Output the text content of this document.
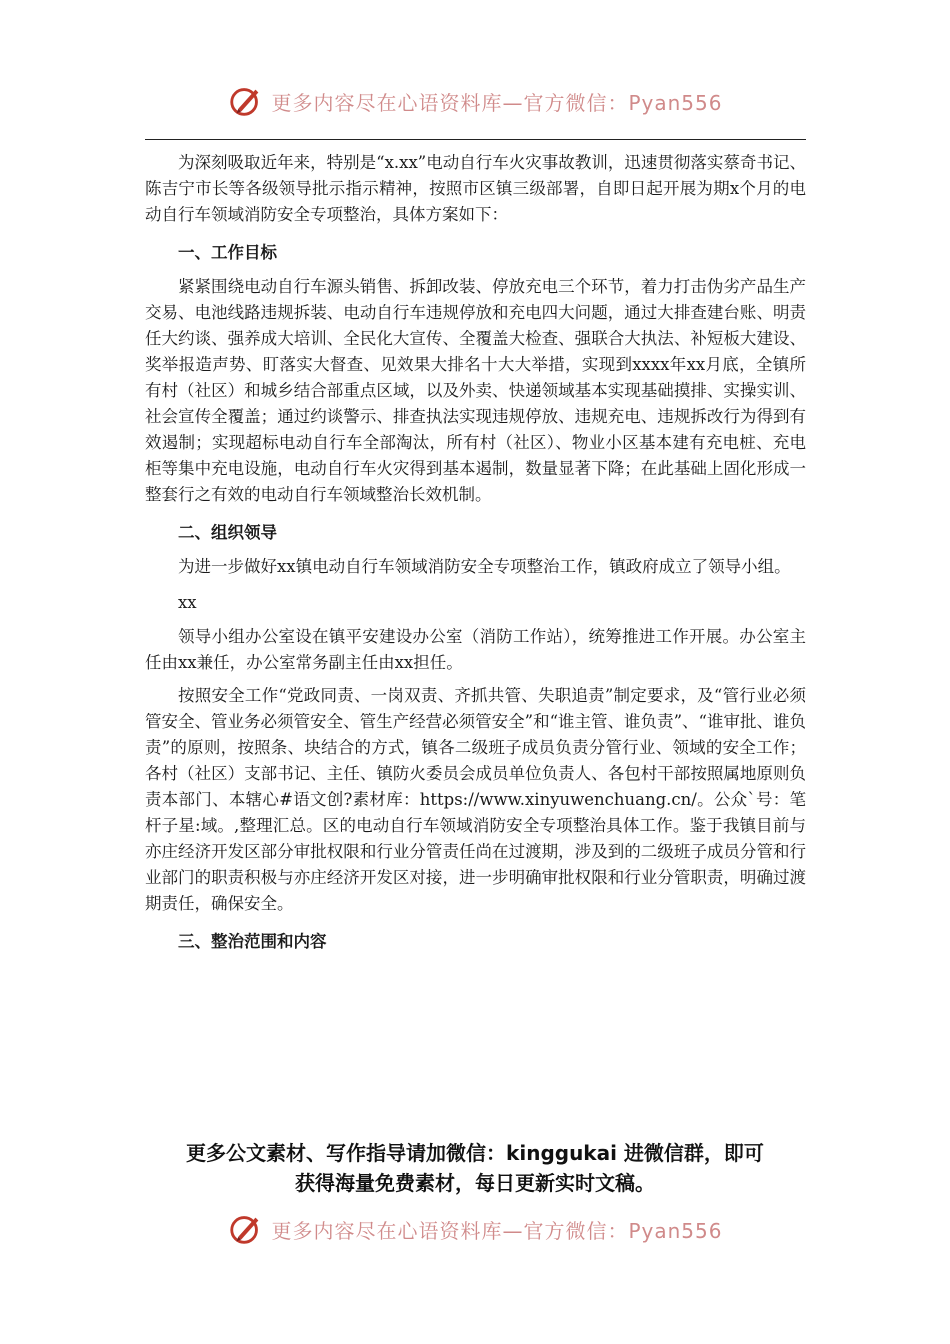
更多内容尽在心语资料库—官方微信：Pyan556

为深刻吸取近年来，特别是“x.xx”电动自行车火灾事故教训，迅速贯彻落实蔡奇书记、陈吉宁市长等各级领导批示指示精神，按照市区镇三级部署，自即日起开展为期x个月的电动自行车领域消防安全专项整治，具体方案如下：

一、工作目标

紧紧围绕电动自行车源头销售、拆卸改装、停放充电三个环节，着力打击伪劣产品生产交易、电池线路违规拆装、电动自行车违规停放和充电四大问题，通过大排查建台账、明责任大约谈、强养成大培训、全民化大宣传、全覆盖大检查、强联合大执法、补短板大建设、奖举报造声势、盯落实大督查、见效果大排名十大大举措，实现到xxxx年xx月底，全镇所有村（社区）和城乡结合部重点区域，以及外卖、快递领域基本实现基础摸排、实操实训、社会宣传全覆盖；通过约谈警示、排查执法实现违规停放、违规充电、违规拆改行为得到有效遏制；实现超标电动自行车全部淘汰，所有村（社区）、物业小区基本建有充电桩、充电柜等集中充电设施，电动自行车火灾得到基本遏制，数量显著下降；在此基础上固化形成一整套行之有效的电动自行车领域整治长效机制。

二、组织领导

为进一步做好xx镇电动自行车领域消防安全专项整治工作，镇政府成立了领导小组。

xx

领导小组办公室设在镇平安建设办公室（消防工作站），统筹推进工作开展。办公室主任由xx兼任，办公室常务副主任由xx担任。

按照安全工作“党政同责、一岗双责、齐抓共管、失职追责”制定要求，及“管行业必须管安全、管业务必须管安全、管生产经营必须管安全”和“谁主管、谁负责”、“谁审批、谁负责”的原则，按照条、块结合的方式，镇各二级班子成员负责分管行业、领域的安全工作；各村（社区）支部书记、主任、镇防火委员会成员单位负责人、各包村干部按照属地原则负责本部门、本辖心#语文创?素材库：https://www.xinyuwenchuang.cn/。公众`号：笔杆子星:域。,整理汇总。区的电动自行车领域消防安全专项整治具体工作。鉴于我镇目前与亦庄经济开发区部分审批权限和行业分管责任尚在过渡期，涉及到的二级班子成员分管和行业部门的职责积极与亦庄经济开发区对接，进一步明确审批权限和行业分管职责，明确过渡期责任，确保安全。

三、整治范围和内容
更多公文素材、写作指导请加微信：kinggukai 进微信群，即可
获得海量免费素材，每日更新实时文稿。
更多内容尽在心语资料库—官方微信：Pyan556
